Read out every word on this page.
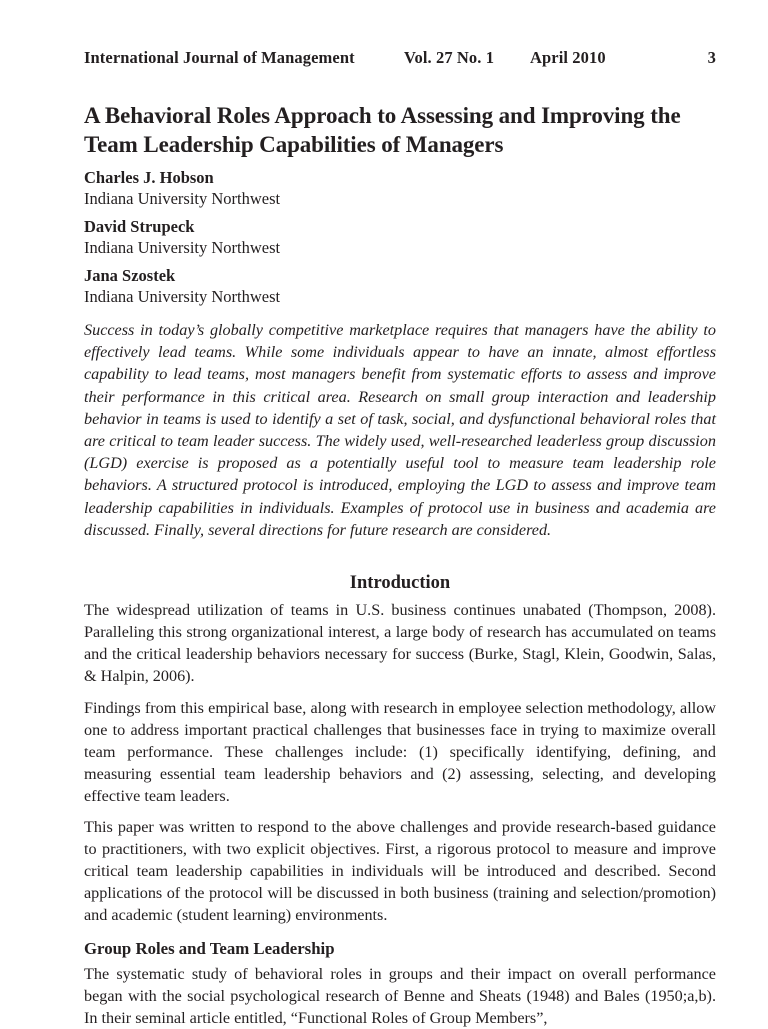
International Journal of Management	Vol. 27 No. 1 April 2010	3
A Behavioral Roles Approach to Assessing and Improving the Team Leadership Capabilities of Managers

Charles J. Hobson

Indiana University Northwest

David Strupeck

Indiana University Northwest

Jana Szostek

Indiana University Northwest

Success in today’s globally competitive marketplace requires that managers have the ability to effectively lead teams. While some individuals appear to have an innate, almost effortless capability to lead teams, most managers benefit from systematic efforts to assess and improve their performance in this critical area. Research on small group interaction and leadership behavior in teams is used to identify a set of task, social, and dysfunctional behavioral roles that are critical to team leader success. The widely used, well-researched leaderless group discussion (LGD) exercise is proposed as a potentially useful tool to measure team leadership role behaviors. A structured protocol is introduced, employing the LGD to assess and improve team leadership capabilities in individuals. Examples of protocol use in business and academia are discussed. Finally, several directions for future research are considered.

Introduction

The widespread utilization of teams in U.S. business continues unabated (Thompson, 2008). Paralleling this strong organizational interest, a large body of research has accumulated on teams and the critical leadership behaviors necessary for success (Burke, Stagl, Klein, Goodwin, Salas, & Halpin, 2006).

Findings from this empirical base, along with research in employee selection methodology, allow one to address important practical challenges that businesses face in trying to maximize overall team performance. These challenges include: (1) specifically identifying, defining, and measuring essential team leadership behaviors and (2) assessing, selecting, and developing effective team leaders.

This paper was written to respond to the above challenges and provide research-based guidance to practitioners, with two explicit objectives. First, a rigorous protocol to measure and improve critical team leadership capabilities in individuals will be introduced and described. Second applications of the protocol will be discussed in both business (training and selection/promotion) and academic (student learning) environments.

Group Roles and Team Leadership

The systematic study of behavioral roles in groups and their impact on overall performance began with the social psychological research of Benne and Sheats (1948) and Bales (1950;a,b). In their seminal article entitled, “Functional Roles of Group Members”,
